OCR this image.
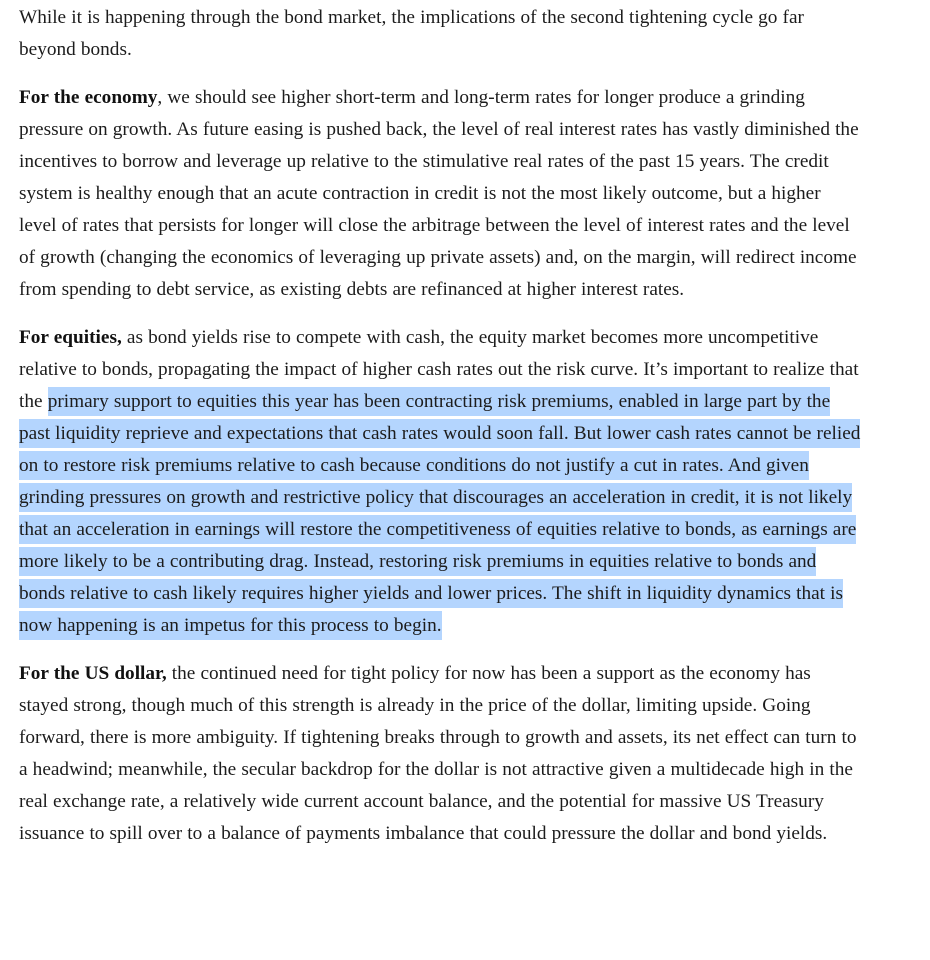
While it is happening through the bond market, the implications of the second tightening cycle go far beyond bonds.

For the economy, we should see higher short-term and long-term rates for longer produce a grinding pressure on growth. As future easing is pushed back, the level of real interest rates has vastly diminished the incentives to borrow and leverage up relative to the stimulative real rates of the past 15 years. The credit system is healthy enough that an acute contraction in credit is not the most likely outcome, but a higher level of rates that persists for longer will close the arbitrage between the level of interest rates and the level of growth (changing the economics of leveraging up private assets) and, on the margin, will redirect income from spending to debt service, as existing debts are refinanced at higher interest rates.

For equities, as bond yields rise to compete with cash, the equity market becomes more uncompetitive relative to bonds, propagating the impact of higher cash rates out the risk curve. It’s important to realize that the primary support to equities this year has been contracting risk premiums, enabled in large part by the past liquidity reprieve and expectations that cash rates would soon fall. But lower cash rates cannot be relied on to restore risk premiums relative to cash because conditions do not justify a cut in rates. And given grinding pressures on growth and restrictive policy that discourages an acceleration in credit, it is not likely that an acceleration in earnings will restore the competitiveness of equities relative to bonds, as earnings are more likely to be a contributing drag. Instead, restoring risk premiums in equities relative to bonds and bonds relative to cash likely requires higher yields and lower prices. The shift in liquidity dynamics that is now happening is an impetus for this process to begin.

For the US dollar, the continued need for tight policy for now has been a support as the economy has stayed strong, though much of this strength is already in the price of the dollar, limiting upside. Going forward, there is more ambiguity. If tightening breaks through to growth and assets, its net effect can turn to a headwind; meanwhile, the secular backdrop for the dollar is not attractive given a multidecade high in the real exchange rate, a relatively wide current account balance, and the potential for massive US Treasury issuance to spill over to a balance of payments imbalance that could pressure the dollar and bond yields.
